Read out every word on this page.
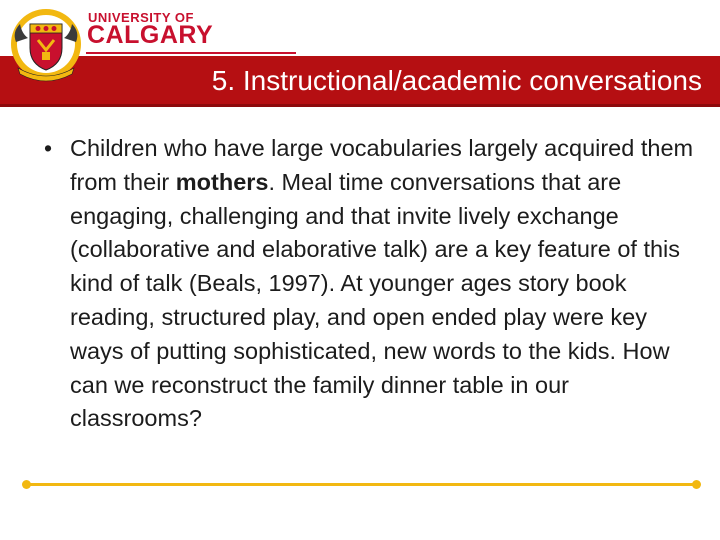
UNIVERSITY OF
CALGARY
5. Instructional/academic conversations
• Children who have large vocabularies largely acquired them from their mothers. Meal time conversations that are engaging, challenging and that invite lively exchange (collaborative and elaborative talk) are a key feature of this kind of talk (Beals, 1997). At younger ages story book reading, structured play, and open ended play were key ways of putting sophisticated, new words to the kids. How can we reconstruct the family dinner table in our classrooms?
